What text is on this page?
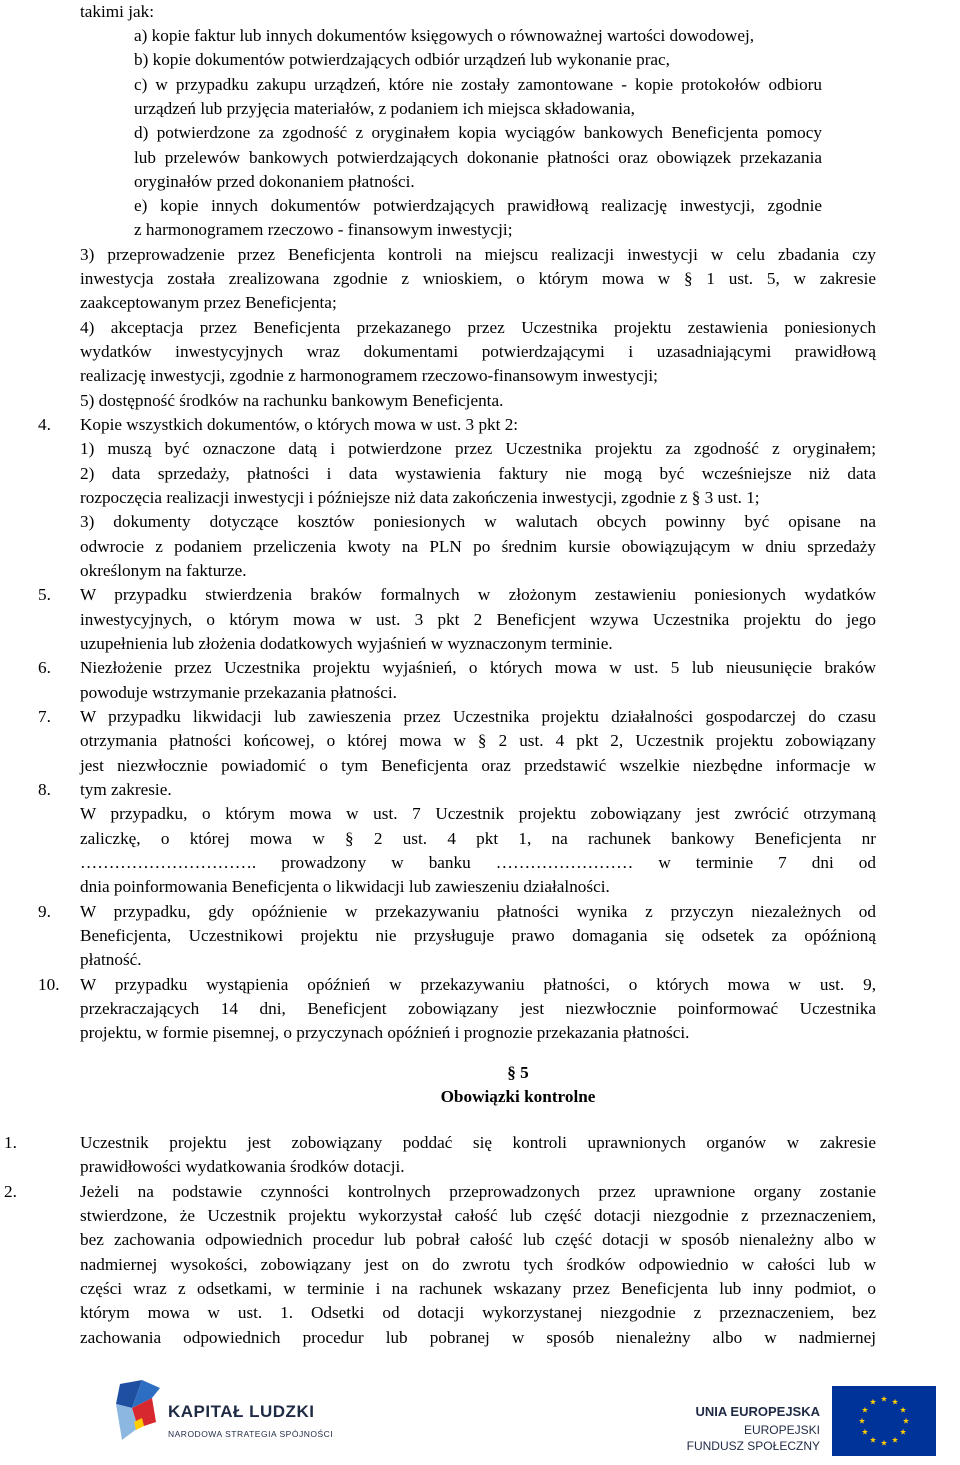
takimi jak:
a) kopie faktur lub innych dokumentów księgowych o równoważnej wartości dowodowej,
b) kopie dokumentów potwierdzających odbiór urządzeń lub wykonanie prac,
c) w przypadku zakupu urządzeń, które nie zostały zamontowane - kopie protokołów odbioru
urządzeń lub przyjęcia materiałów, z podaniem ich miejsca składowania,
d) potwierdzone za zgodność z oryginałem kopia wyciągów bankowych Beneficjenta pomocy
lub przelewów bankowych potwierdzających dokonanie płatności oraz obowiązek przekazania
oryginałów przed dokonaniem płatności.
e) kopie innych dokumentów potwierdzających prawidłową realizację inwestycji, zgodnie
z harmonogramem rzeczowo - finansowym inwestycji;
3) przeprowadzenie przez Beneficjenta kontroli na miejscu realizacji inwestycji w celu zbadania czy
inwestycja została zrealizowana zgodnie z wnioskiem, o którym mowa w § 1 ust. 5, w zakresie
zaakceptowanym przez Beneficjenta;
4) akceptacja przez Beneficjenta przekazanego przez Uczestnika projektu zestawienia poniesionych
wydatków inwestycyjnych wraz dokumentami potwierdzającymi i uzasadniającymi prawidłową
realizację inwestycji, zgodnie z harmonogramem rzeczowo-finansowym inwestycji;
5) dostępność środków na rachunku bankowym Beneficjenta.
Kopie wszystkich dokumentów, o których mowa w ust. 3 pkt 2:
1) muszą być oznaczone datą i potwierdzone przez Uczestnika projektu za zgodność z oryginałem;
2) data sprzedaży, płatności i data wystawienia faktury nie mogą być wcześniejsze niż data
rozpoczęcia realizacji inwestycji i późniejsze niż data zakończenia inwestycji, zgodnie z § 3 ust. 1;
3) dokumenty dotyczące kosztów poniesionych w walutach obcych powinny być opisane na
odwrocie z podaniem przeliczenia kwoty na PLN po średnim kursie obowiązującym w dniu sprzedaży
określonym na fakturze.
W przypadku stwierdzenia braków formalnych w złożonym zestawieniu poniesionych wydatków
inwestycyjnych, o którym mowa w ust. 3 pkt 2 Beneficjent wzywa Uczestnika projektu do jego
uzupełnienia lub złożenia dodatkowych wyjaśnień w wyznaczonym terminie.
Niezłożenie przez Uczestnika projektu wyjaśnień, o których mowa w ust. 5 lub nieusunięcie braków
powoduje wstrzymanie przekazania płatności.
W przypadku likwidacji lub zawieszenia przez Uczestnika projektu działalności gospodarczej do czasu
otrzymania płatności końcowej, o której mowa w § 2 ust. 4 pkt 2, Uczestnik projektu zobowiązany
jest niezwłocznie powiadomić o tym Beneficjenta oraz przedstawić wszelkie niezbędne informacje w
tym zakresie.
W przypadku, o którym mowa w ust. 7 Uczestnik projektu zobowiązany jest zwrócić otrzymaną
zaliczkę, o której mowa w § 2 ust. 4 pkt 1, na rachunek bankowy Beneficjenta nr
…………………………. prowadzony w banku …………………… w terminie 7 dni od
dnia poinformowania Beneficjenta o likwidacji lub zawieszeniu działalności.
W przypadku, gdy opóźnienie w przekazywaniu płatności wynika z przyczyn niezależnych od
Beneficjenta, Uczestnikowi projektu nie przysługuje prawo domagania się odsetek za opóźnioną
płatność.
W przypadku wystąpienia opóźnień w przekazywaniu płatności, o których mowa w ust. 9,
przekraczających 14 dni, Beneficjent zobowiązany jest niezwłocznie poinformować Uczestnika
projektu, w formie pisemnej, o przyczynach opóźnień i prognozie przekazania płatności.
Uczestnik projektu jest zobowiązany poddać się kontroli uprawnionych organów w zakresie
prawidłowości wydatkowania środków dotacji.
Jeżeli na podstawie czynności kontrolnych przeprowadzonych przez uprawnione organy zostanie
stwierdzone, że Uczestnik projektu wykorzystał całość lub część dotacji niezgodnie z przeznaczeniem,
bez zachowania odpowiednich procedur lub pobrał całość lub część dotacji w sposób nienależny albo w
nadmiernej wysokości, zobowiązany jest on do zwrotu tych środków odpowiednio w całości lub w
części wraz z odsetkami, w terminie i na rachunek wskazany przez Beneficjenta lub inny podmiot, o
którym mowa w ust. 1. Odsetki od dotacji wykorzystanej niezgodnie z przeznaczeniem, bez
zachowania odpowiednich procedur lub pobranej w sposób nienależny albo w nadmiernej
4.
5.
6.
7.
8.
9.
10.
1.
2.
§ 5
Obowiązki kontrolne
KAPITAŁ LUDZKI
NARODOWA STRATEGIA SPÓJNOŚCI
UNIA EUROPEJSKA
EUROPEJSKI
FUNDUSZ SPOŁECZNY
